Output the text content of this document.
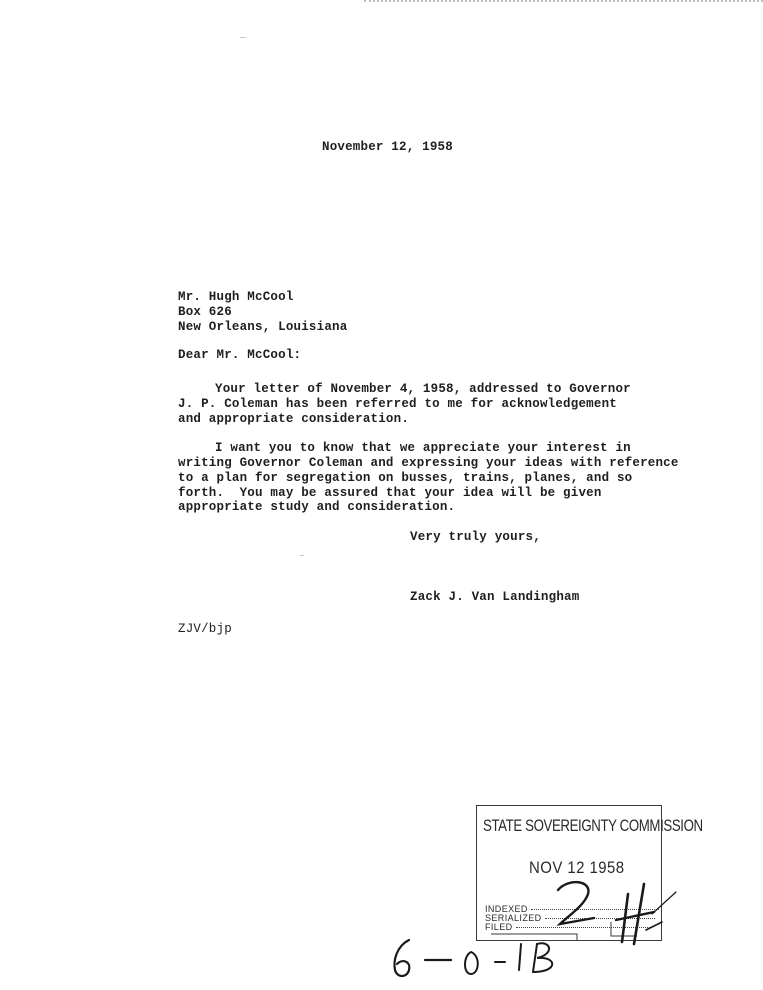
November 12, 1958
Mr. Hugh McCool
Box 626
New Orleans, Louisiana
Dear Mr. McCool:
Your letter of November 4, 1958, addressed to Governor
J. P. Coleman has been referred to me for acknowledgement
and appropriate consideration.
I want you to know that we appreciate your interest in
writing Governor Coleman and expressing your ideas with reference
to a plan for segregation on busses, trains, planes, and so
forth.  You may be assured that your idea will be given
appropriate study and consideration.
Very truly yours,
Zack J. Van Landingham
ZJV/bjp
STATE SOVEREIGNTY COMMISSION
NOV 12 1958
INDEXED
SERIALIZED
FILED
